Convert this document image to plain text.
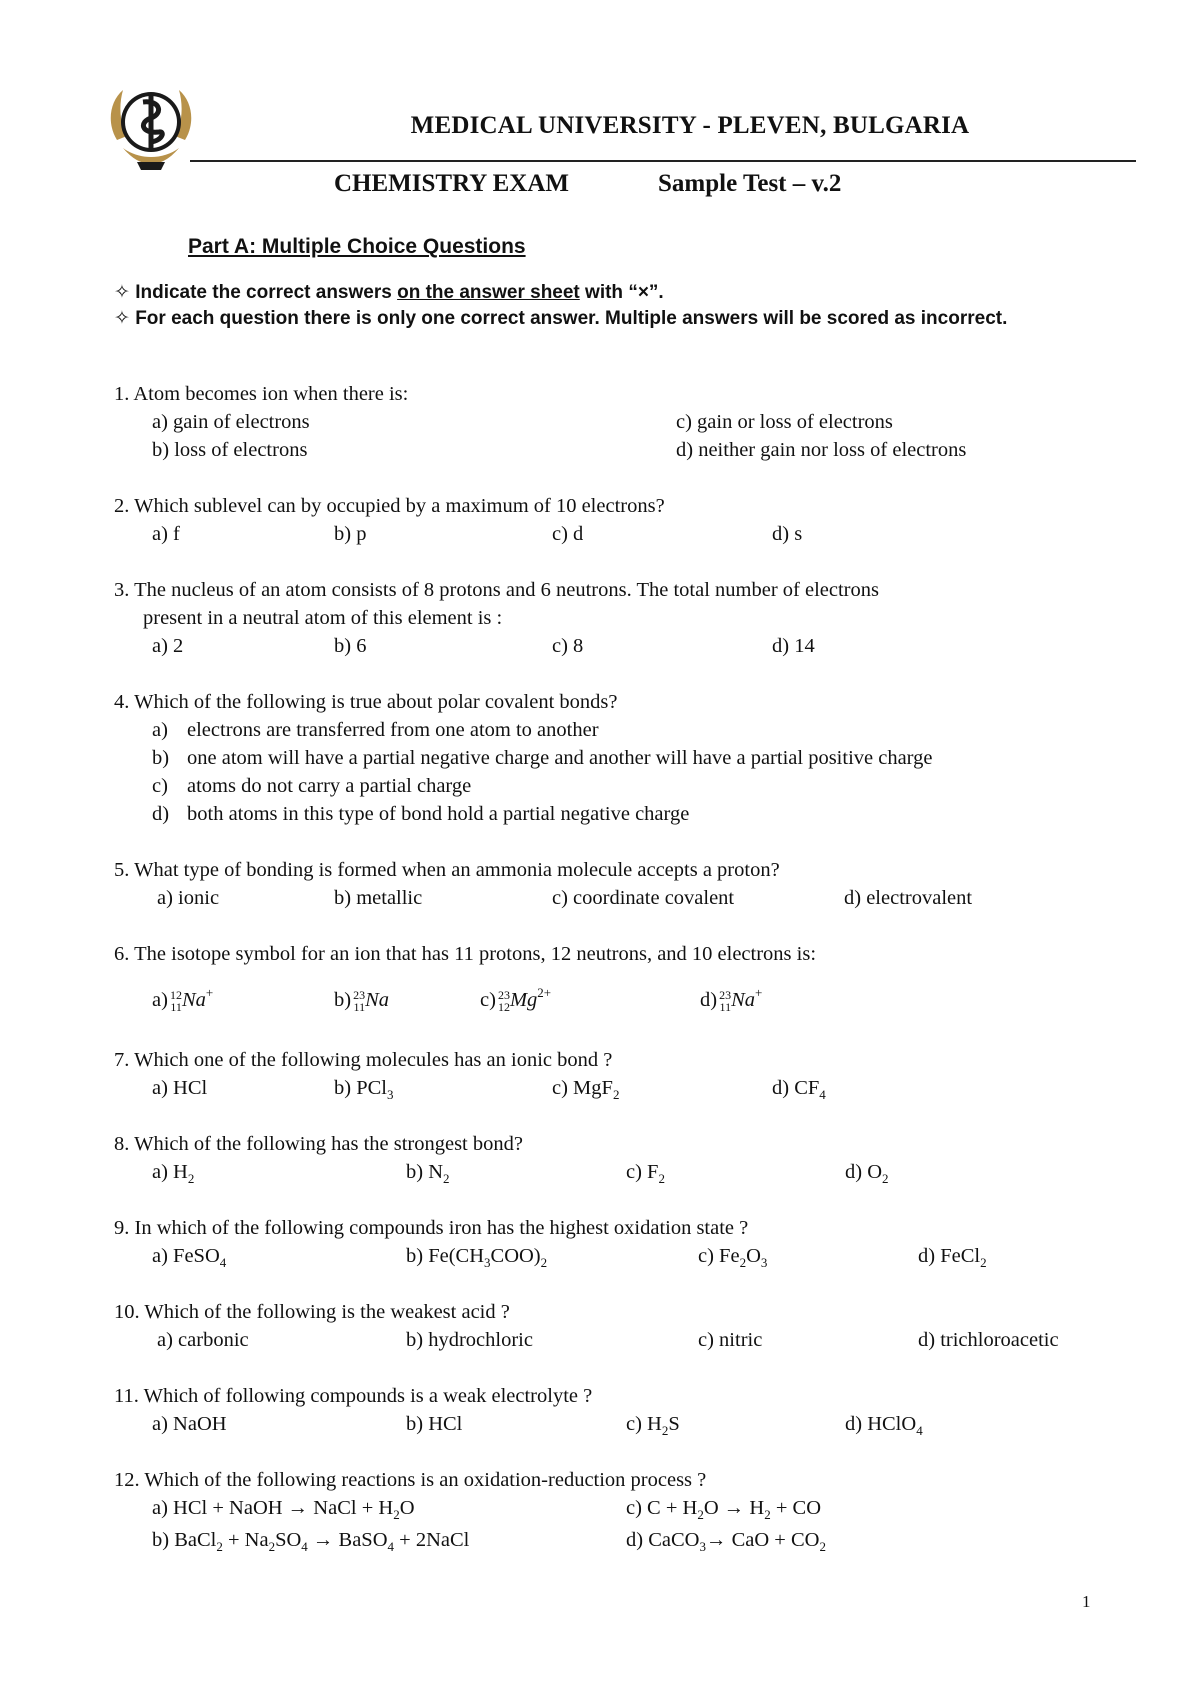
MEDICAL UNIVERSITY - PLEVEN, BULGARIA
CHEMISTRY EXAM	Sample Test – v.2
Part A: Multiple Choice Questions
✧ Indicate the correct answers on the answer sheet with “×”.
✧ For each question there is only one correct answer. Multiple answers will be scored as incorrect.
1. Atom becomes ion when there is:
a) gain of electrons	c) gain or loss of electrons
b) loss of electrons	d) neither gain nor loss of electrons
2. Which sublevel can by occupied by a maximum of 10 electrons?
a) f	b) p	c) d	d) s
3. The nucleus of an atom consists of 8 protons and 6 neutrons. The total number of electrons
present in a neutral atom of this element is :
a) 2	b) 6	c) 8	d) 14
4. Which of the following is true about polar covalent bonds?
a) electrons are transferred from one atom to another
b) one atom will have a partial negative charge and another will have a partial positive charge
c) atoms do not carry a partial charge
d) both atoms in this type of bond hold a partial negative charge
5. What type of bonding is formed when an ammonia molecule accepts a proton?
a) ionic	b) metallic	c) coordinate covalent	d) electrovalent
6. The isotope symbol for an ion that has 11 protons, 12 neutrons, and 10 electrons is:
a) 12
11 Na+	b) 23
11 Na	c) 23
12 $Mg^{2+}$	d) 23
11 Na+
7. Which one of the following molecules has an ionic bond ?
a) HCl	b) PCl$_3$	c) MgF$_2$	d) $CF_4$
8. Which of the following has the strongest bond?
a) $H_2$	b) $N_2$	c) $F_2$	d) $O_2$
9. In which of the following compounds iron has the highest oxidation state ?
a) FeSO$_4$	b) $Fe(CH_3COO)_2$	c) $Fe_2O_3$	d) FeCl$_2$
10. Which of the following is the weakest acid ?
a) carbonic	b) hydrochloric	c) nitric	d) trichloroacetic
11. Which of following compounds is a weak electrolyte ?
a) NaOH	b) HCl	c) $H_2S$	d) HClO$_4$
12. Which of the following reactions is an oxidation-reduction process ?
a) HCl + NaOH → NaCl + $H_2O$	c) $C + H_2O \to H_2$ + CO
b) BaCl$_2$ + $Na_2SO_4$ → BaSO$_4$ + 2NaCl	d) CaCO$_3$→ CaO + $CO_2$
1
